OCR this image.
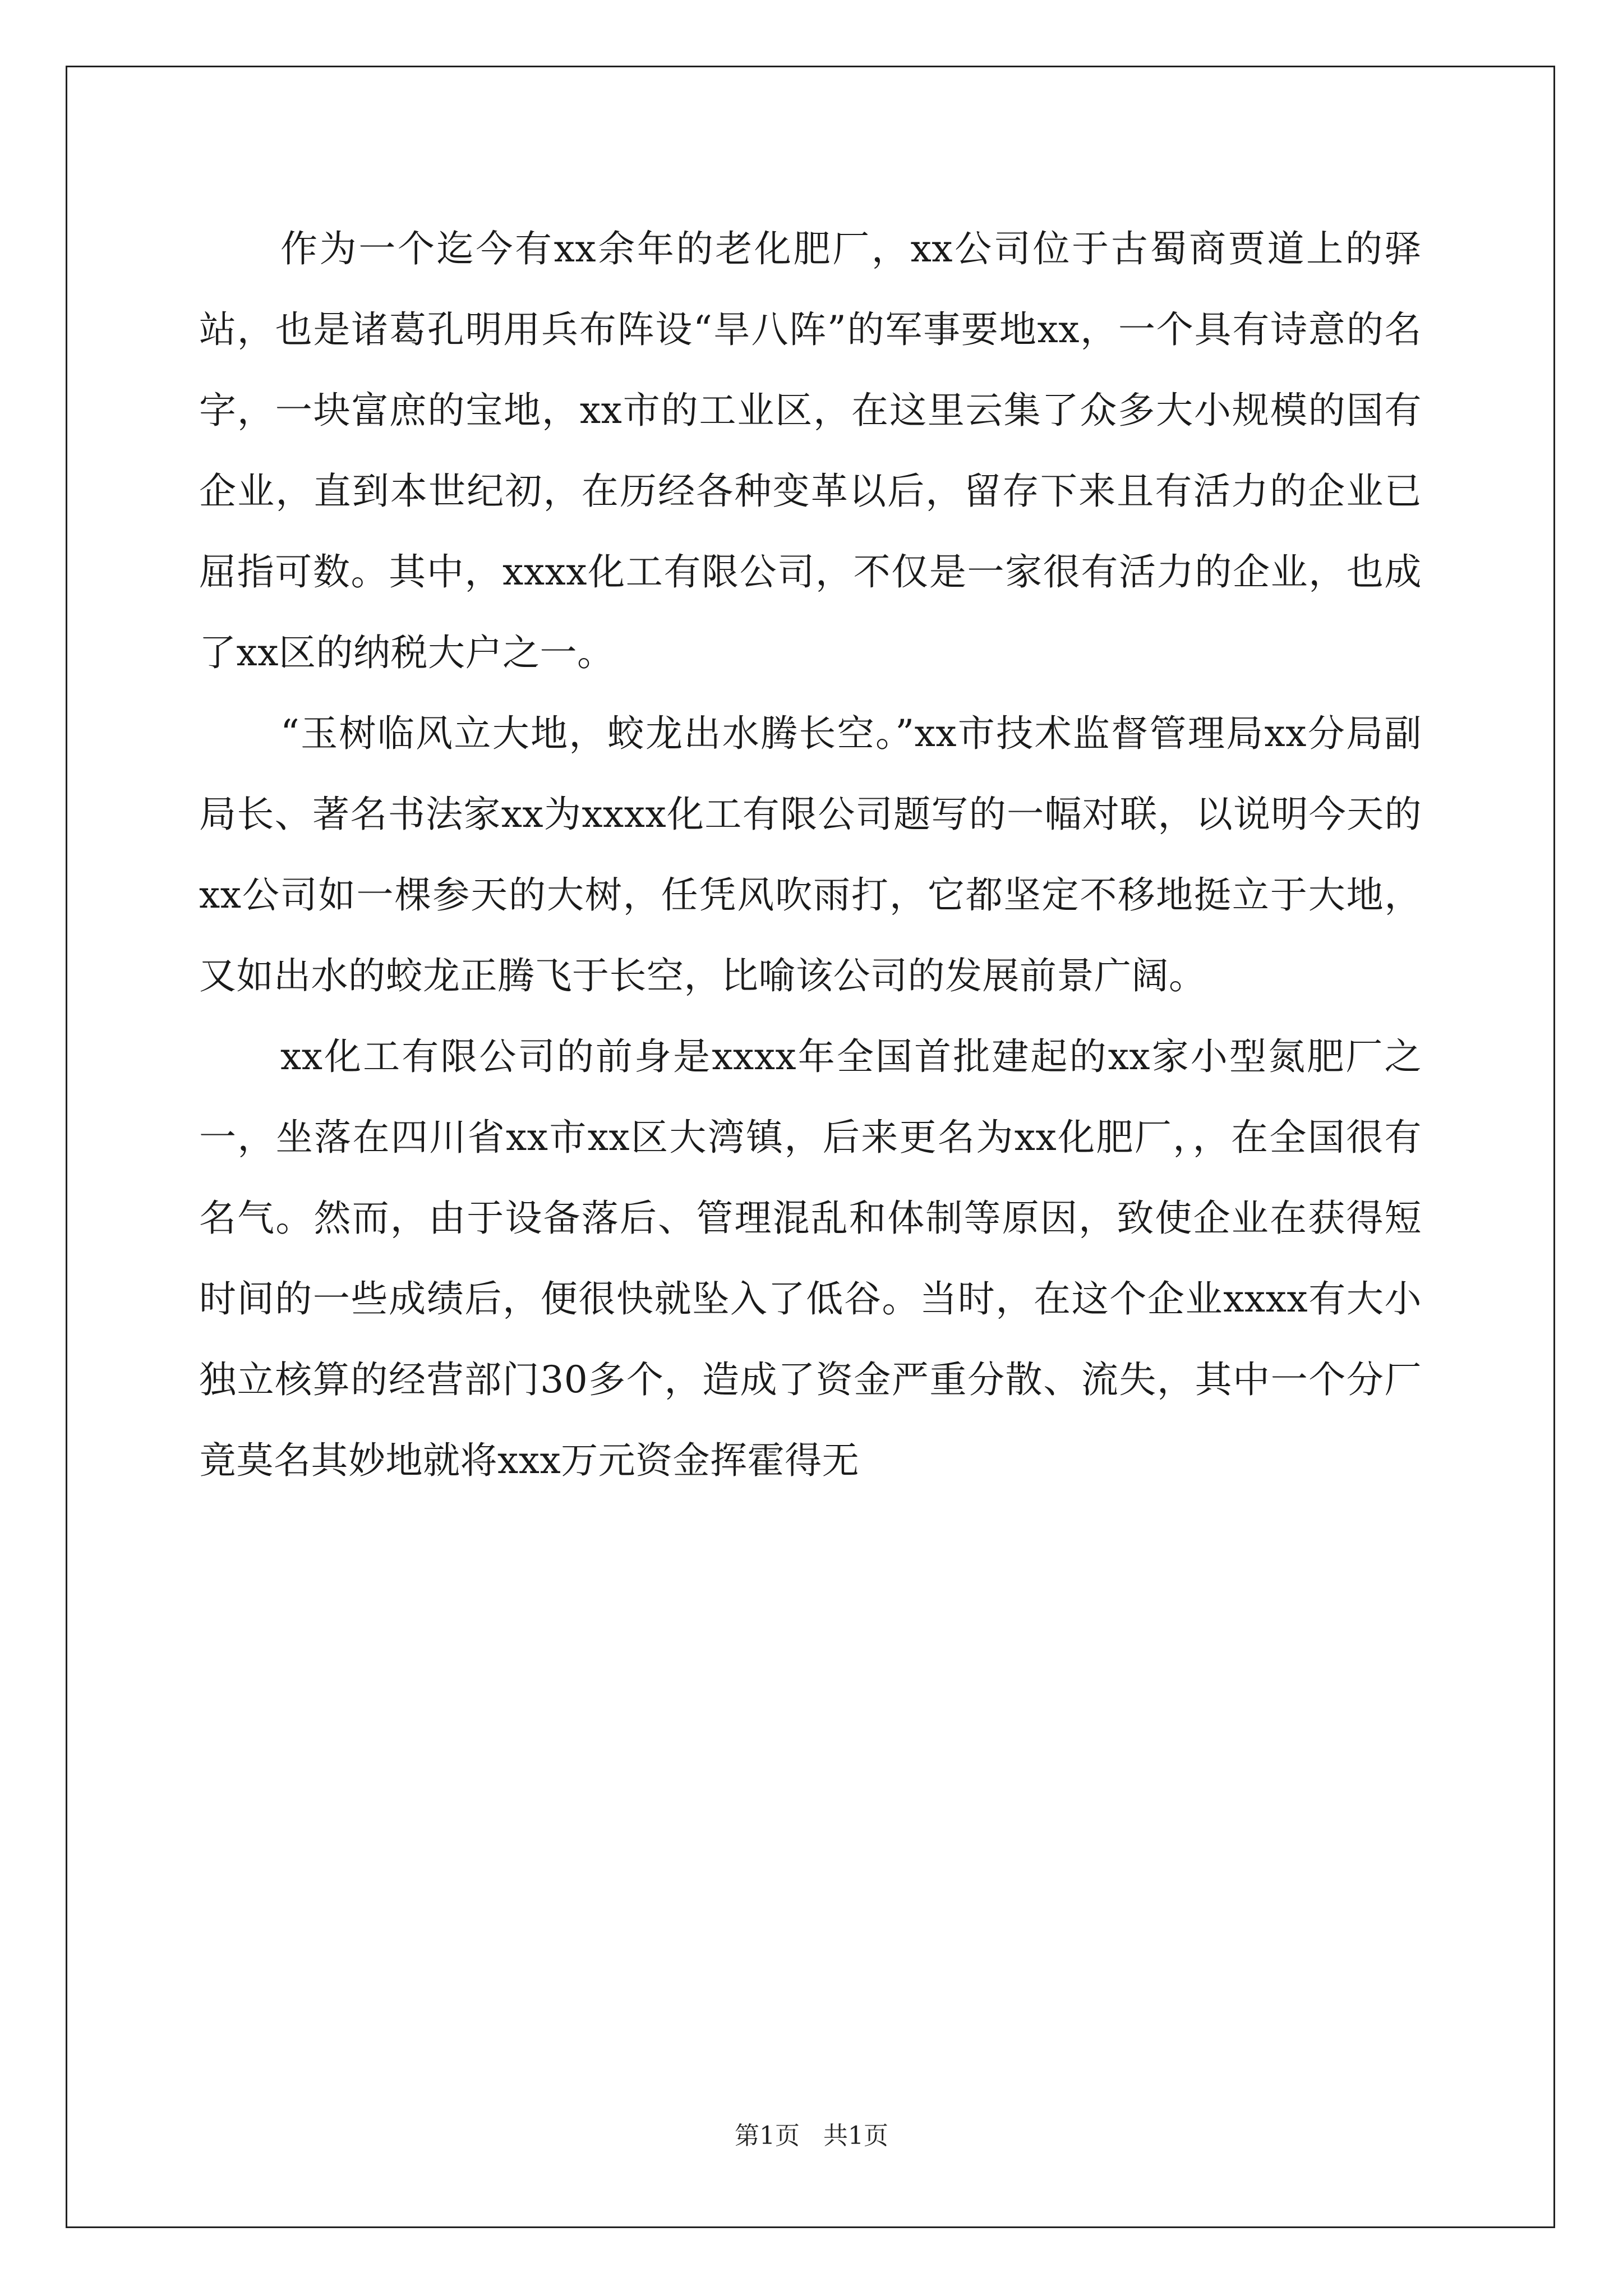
作为一个迄今有xx余年的老化肥厂，xx公司位于古蜀商贾道上的驿站，也是诸葛孔明用兵布阵设“旱八阵”的军事要地xx，一个具有诗意的名字，一块富庶的宝地，xx市的工业区，在这里云集了众多大小规模的国有企业，直到本世纪初，在历经各种变革以后，留存下来且有活力的企业已屈指可数。其中，xxxx化工有限公司，不仅是一家很有活力的企业，也成了xx区的纳税大户之一。

“玉树临风立大地，蛟龙出水腾长空。”xx市技术监督管理局xx分局副局长、著名书法家xx为xxxx化工有限公司题写的一幅对联，以说明今天的xx公司如一棵参天的大树，任凭风吹雨打，它都坚定不移地挺立于大地，又如出水的蛟龙正腾飞于长空，比喻该公司的发展前景广阔。

xx化工有限公司的前身是xxxx年全国首批建起的xx家小型氮肥厂之一，坐落在四川省xx市xx区大湾镇，后来更名为xx化肥厂，，在全国很有名气。然而，由于设备落后、管理混乱和体制等原因，致使企业在获得短时间的一些成绩后，便很快就坠入了低谷。当时，在这个企业xxxx有大小独立核算的经营部门30多个，造成了资金严重分散、流失，其中一个分厂竟莫名其妙地就将xxx万元资金挥霍得无

第1页 共1页
